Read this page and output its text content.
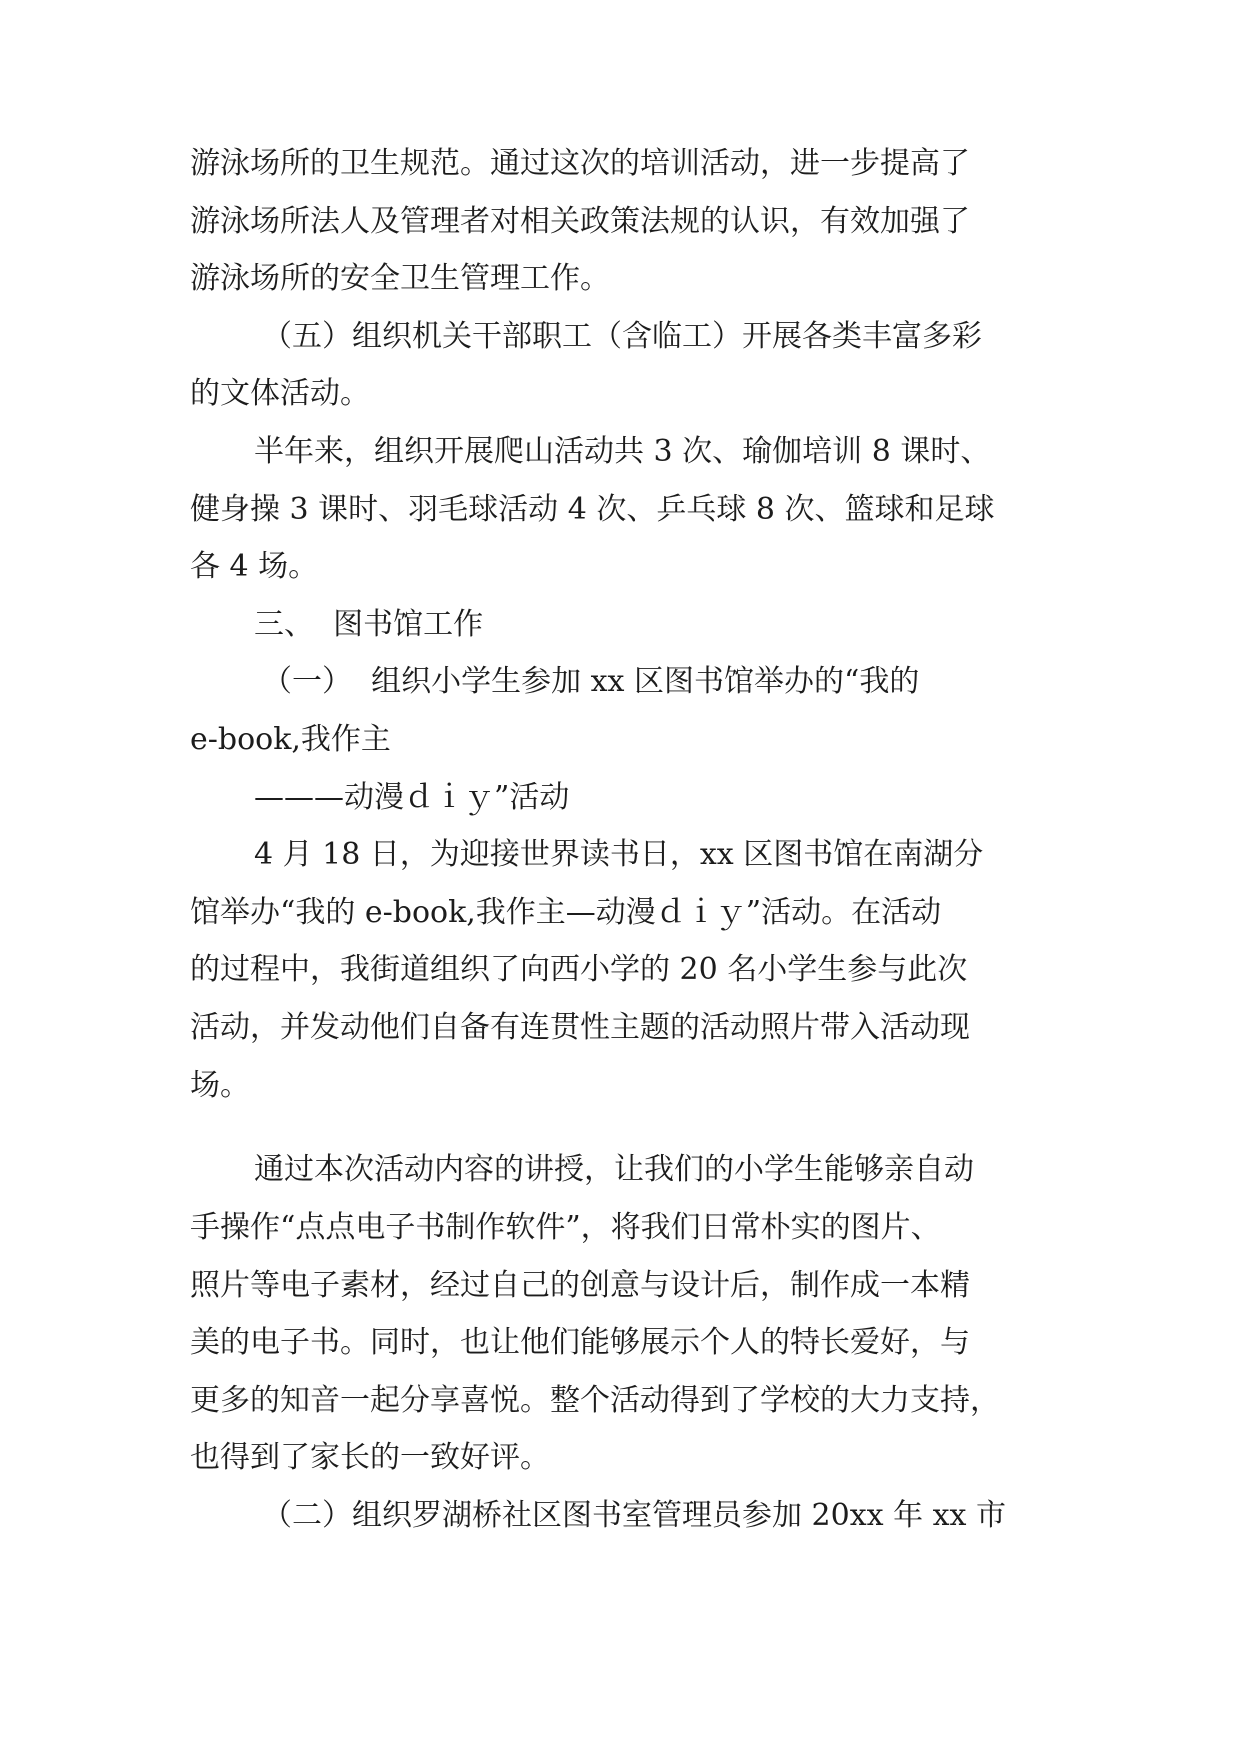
游泳场所的卫生规范。通过这次的培训活动，进一步提高了

游泳场所法人及管理者对相关政策法规的认识，有效加强了

游泳场所的安全卫生管理工作。

（五）组织机关干部职工（含临工）开展各类丰富多彩

的文体活动。

半年来，组织开展爬山活动共 3 次、瑜伽培训 8 课时、

健身操 3 课时、羽毛球活动 4 次、乒乓球 8 次、篮球和足球

各 4 场。

三、  图书馆工作

（一）  组织小学生参加 xx 区图书馆举办的“我的

e-book,我作主

———动漫ｄｉｙ”活动

4 月 18 日，为迎接世界读书日，xx 区图书馆在南湖分

馆举办“我的 e-book,我作主—动漫ｄｉｙ”活动。在活动

的过程中，我街道组织了向西小学的 20 名小学生参与此次

活动，并发动他们自备有连贯性主题的活动照片带入活动现

场。

通过本次活动内容的讲授，让我们的小学生能够亲自动

手操作“点点电子书制作软件”，将我们日常朴实的图片、

照片等电子素材，经过自己的创意与设计后，制作成一本精

美的电子书。同时，也让他们能够展示个人的特长爱好，与

更多的知音一起分享喜悦。整个活动得到了学校的大力支持，

也得到了家长的一致好评。

（二）组织罗湖桥社区图书室管理员参加 20xx 年 xx 市
